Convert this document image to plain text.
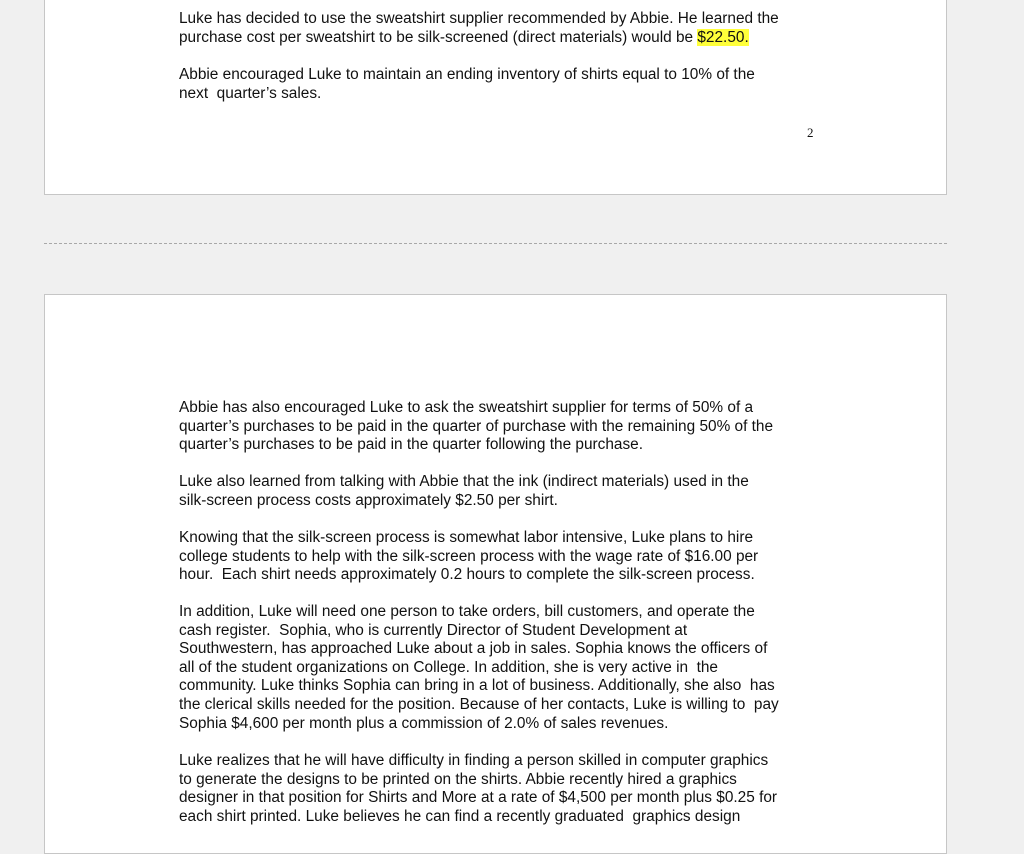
Luke has decided to use the sweatshirt supplier recommended by Abbie. He learned the
purchase cost per sweatshirt to be silk-screened (direct materials) would be $22.50.

Abbie encouraged Luke to maintain an ending inventory of shirts equal to 10% of the
next  quarter’s sales.

2

Abbie has also encouraged Luke to ask the sweatshirt supplier for terms of 50% of a
quarter’s purchases to be paid in the quarter of purchase with the remaining 50% of the
quarter’s purchases to be paid in the quarter following the purchase.

Luke also learned from talking with Abbie that the ink (indirect materials) used in the
silk-screen process costs approximately $2.50 per shirt.

Knowing that the silk-screen process is somewhat labor intensive, Luke plans to hire
college students to help with the silk-screen process with the wage rate of $16.00 per
hour.  Each shirt needs approximately 0.2 hours to complete the silk-screen process.

In addition, Luke will need one person to take orders, bill customers, and operate the
cash register.  Sophia, who is currently Director of Student Development at
Southwestern, has approached Luke about a job in sales. Sophia knows the officers of
all of the student organizations on College. In addition, she is very active in  the
community. Luke thinks Sophia can bring in a lot of business. Additionally, she also  has
the clerical skills needed for the position. Because of her contacts, Luke is willing to  pay
Sophia $4,600 per month plus a commission of 2.0% of sales revenues.

Luke realizes that he will have difficulty in finding a person skilled in computer graphics
to generate the designs to be printed on the shirts. Abbie recently hired a graphics
designer in that position for Shirts and More at a rate of $4,500 per month plus $0.25 for
each shirt printed. Luke believes he can find a recently graduated  graphics design
